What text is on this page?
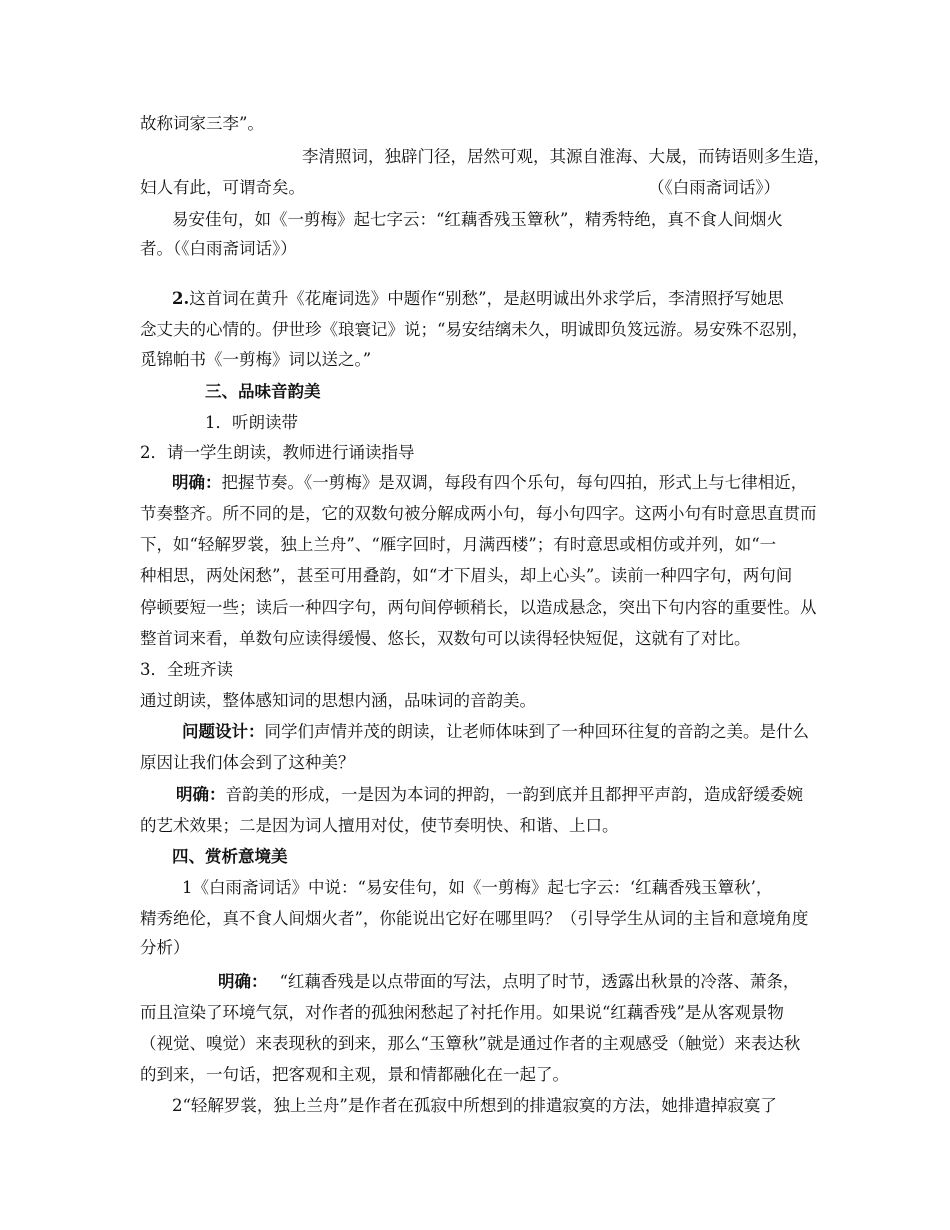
故称词家三李”。
李清照词，独辟门径，居然可观，其源自淮海、大晟，而铸语则多生造，
妇人有此，可谓奇矣。	（《白雨斋词话》）
易安佳句，如《一剪梅》起七字云：“红藕香残玉簟秋”，精秀特绝，真不食人间烟火
者。（《白雨斋词话》）
2.这首词在黄升《花庵词选》中题作“别愁”，是赵明诚出外求学后，李清照抒写她思
念丈夫的心情的。伊世珍《琅寰记》说；“易安结缡未久，明诚即负笈远游。易安殊不忍别，
觅锦帕书《一剪梅》词以送之。”
三、品味音韵美
1．听朗读带
2．请一学生朗读，教师进行诵读指导
明确：把握节奏。《一剪梅》是双调，每段有四个乐句，每句四拍，形式上与七律相近，
节奏整齐。所不同的是，它的双数句被分解成两小句，每小句四字。这两小句有时意思直贯而
下，如“轻解罗裳，独上兰舟”、“雁字回时，月满西楼”；有时意思或相仿或并列，如“一
种相思，两处闲愁”，甚至可用叠韵，如“才下眉头，却上心头”。读前一种四字句，两句间
停顿要短一些；读后一种四字句，两句间停顿稍长，以造成悬念，突出下句内容的重要性。从
整首词来看，单数句应读得缓慢、悠长，双数句可以读得轻快短促，这就有了对比。
3．全班齐读
通过朗读，整体感知词的思想内涵，品味词的音韵美。
问题设计：同学们声情并茂的朗读，让老师体味到了一种回环往复的音韵之美。是什么
原因让我们体会到了这种美？
明确：音韵美的形成，一是因为本词的押韵，一韵到底并且都押平声韵，造成舒缓委婉
的艺术效果；二是因为词人擅用对仗，使节奏明快、和谐、上口。
四、赏析意境美
1《白雨斋词话》中说：“易安佳句，如《一剪梅》起七字云：‘红藕香残玉簟秋’，
精秀绝伦，真不食人间烟火者”，你能说出它好在哪里吗？（引导学生从词的主旨和意境角度
分析）
明确： “红藕香残是以点带面的写法，点明了时节，透露出秋景的冷落、萧条，
而且渲染了环境气氛，对作者的孤独闲愁起了衬托作用。如果说“红藕香残”是从客观景物
（视觉、嗅觉）来表现秋的到来，那么“玉簟秋”就是通过作者的主观感受（触觉）来表达秋
的到来，一句话，把客观和主观，景和情都融化在一起了。
2“轻解罗裳，独上兰舟”是作者在孤寂中所想到的排遣寂寞的方法，她排遣掉寂寞了
